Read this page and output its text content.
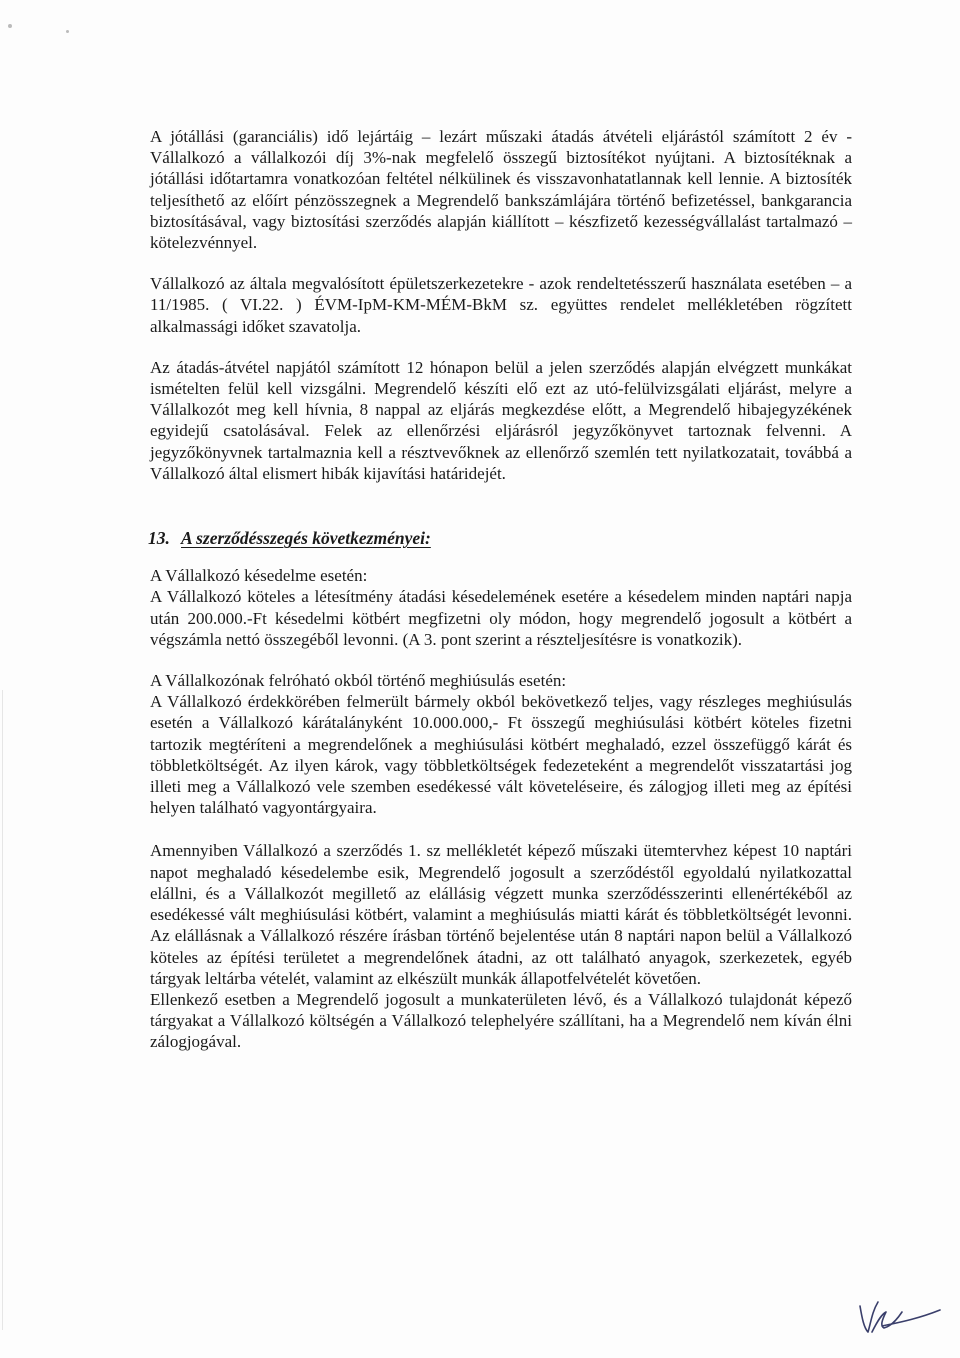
A jótállási (garanciális) idő lejártáig – lezárt műszaki átadás átvételi eljárástól számított 2 év - Vállalkozó a vállalkozói díj 3%-nak megfelelő összegű biztosítékot nyújtani. A biztosítéknak a jótállási időtartamra vonatkozóan feltétel nélkülinek és visszavonhatatlannak kell lennie. A biztosíték teljesíthető az előírt pénzösszegnek a Megrendelő bankszámlájára történő befizetéssel, bankgarancia biztosításával, vagy biztosítási szerződés alapján kiállított – készfizető kezességvállalást tartalmazó – kötelezvénnyel.

Vállalkozó az általa megvalósított épületszerkezetekre - azok rendeltetésszerű használata esetében – a 11/1985. ( VI.22. ) ÉVM-IpM-KM-MÉM-BkM sz. együttes rendelet mellékletében rögzített alkalmassági időket szavatolja.

Az átadás-átvétel napjától számított 12 hónapon belül a jelen szerződés alapján elvégzett munkákat ismételten felül kell vizsgálni. Megrendelő készíti elő ezt az utó-felülvizsgálati eljárást, melyre a Vállalkozót meg kell hívnia, 8 nappal az eljárás megkezdése előtt, a Megrendelő hibajegyzékének egyidejű csatolásával. Felek az ellenőrzési eljárásról jegyzőkönyvet tartoznak felvenni. A jegyzőkönyvnek tartalmaznia kell a résztvevőknek az ellenőrző szemlén tett nyilatkozatait, továbbá a Vállalkozó által elismert hibák kijavítási határidejét.

13. A szerződésszegés következményei:

A Vállalkozó késedelme esetén:

A Vállalkozó köteles a létesítmény átadási késedelemének esetére a késedelem minden naptári napja után 200.000.-Ft késedelmi kötbért megfizetni oly módon, hogy megrendelő jogosult a kötbért a végszámla nettó összegéből levonni. (A 3. pont szerint a részteljesítésre is vonatkozik).

A Vállalkozónak felróható okból történő meghiúsulás esetén:

A Vállalkozó érdekkörében felmerült bármely okból bekövetkező teljes, vagy részleges meghiúsulás esetén a Vállalkozó kárátalányként 10.000.000,- Ft összegű meghiúsulási kötbért köteles fizetni tartozik megtéríteni a megrendelőnek a meghiúsulási kötbért meghaladó, ezzel összefüggő kárát és többletköltségét. Az ilyen károk, vagy többletköltségek fedezeteként a megrendelőt visszatartási jog illeti meg a Vállalkozó vele szemben esedékessé vált követeléseire, és zálogjog illeti meg az építési helyen található vagyontárgyaira.

Amennyiben Vállalkozó a szerződés 1. sz mellékletét képező műszaki ütemtervhez képest 10 naptári napot meghaladó késedelembe esik, Megrendelő jogosult a szerződéstől egyoldalú nyilatkozattal elállni, és a Vállalkozót megillető az elállásig végzett munka szerződésszerinti ellenértékéből az esedékessé vált meghiúsulási kötbért, valamint a meghiúsulás miatti kárát és többletköltségét levonni. Az elállásnak a Vállalkozó részére írásban történő bejelentése után 8 naptári napon belül a Vállalkozó köteles az építési területet a megrendelőnek átadni, az ott található anyagok, szerkezetek, egyéb tárgyak leltárba vételét, valamint az elkészült munkák állapotfelvételét követően.

Ellenkező esetben a Megrendelő jogosult a munkaterületen lévő, és a Vállalkozó tulajdonát képező tárgyakat a Vállalkozó költségén a Vállalkozó telephelyére szállítani, ha a Megrendelő nem kíván élni zálogjogával.
